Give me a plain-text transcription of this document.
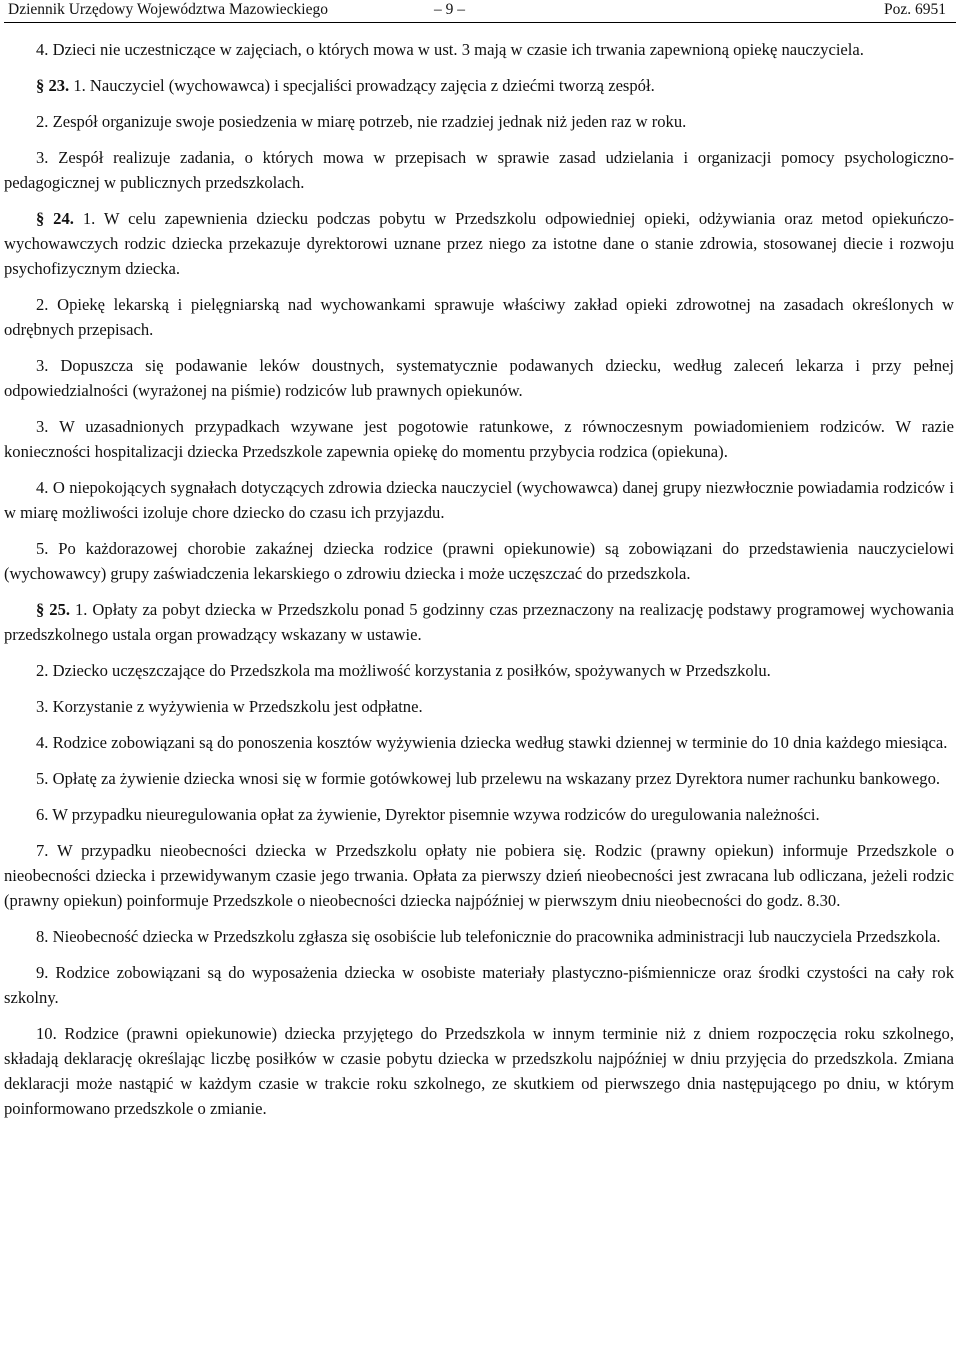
Dziennik Urzędowy Województwa Mazowieckiego	– 9 –	Poz. 6951

4. Dzieci nie uczestniczące w zajęciach, o których mowa w ust. 3 mają w czasie ich trwania zapewnioną opiekę nauczyciela.

§ 23. 1. Nauczyciel (wychowawca) i specjaliści prowadzący zajęcia z dziećmi tworzą zespół.

2. Zespół organizuje swoje posiedzenia w miarę potrzeb, nie rzadziej jednak niż jeden raz w roku.

3. Zespół realizuje zadania, o których mowa w przepisach w sprawie zasad udzielania i organizacji pomocy psychologiczno-pedagogicznej w publicznych przedszkolach.

§ 24. 1. W celu zapewnienia dziecku podczas pobytu w Przedszkolu odpowiedniej opieki, odżywiania oraz metod opiekuńczo-wychowawczych rodzic dziecka przekazuje dyrektorowi uznane przez niego za istotne dane o stanie zdrowia, stosowanej diecie i rozwoju psychofizycznym dziecka.

2. Opiekę lekarską i pielęgniarską nad wychowankami sprawuje właściwy zakład opieki zdrowotnej na zasadach określonych w odrębnych przepisach.

3. Dopuszcza się podawanie leków doustnych, systematycznie podawanych dziecku, według zaleceń lekarza i przy pełnej odpowiedzialności (wyrażonej na piśmie) rodziców lub prawnych opiekunów.

3. W uzasadnionych przypadkach wzywane jest pogotowie ratunkowe, z równoczesnym powiadomieniem rodziców. W razie konieczności hospitalizacji dziecka Przedszkole zapewnia opiekę do momentu przybycia rodzica (opiekuna).

4. O niepokojących sygnałach dotyczących zdrowia dziecka nauczyciel (wychowawca) danej grupy niezwłocznie powiadamia rodziców i w miarę możliwości izoluje chore dziecko do czasu ich przyjazdu.

5. Po każdorazowej chorobie zakaźnej dziecka rodzice (prawni opiekunowie) są zobowiązani do przedstawienia nauczycielowi (wychowawcy) grupy zaświadczenia lekarskiego o zdrowiu dziecka i może uczęszczać do przedszkola.

§ 25. 1. Opłaty za pobyt dziecka w Przedszkolu ponad 5 godzinny czas przeznaczony na realizację podstawy programowej wychowania przedszkolnego ustala organ prowadzący wskazany w ustawie.

2. Dziecko uczęszczające do Przedszkola ma możliwość korzystania z posiłków, spożywanych w Przedszkolu.

3. Korzystanie z wyżywienia w Przedszkolu jest odpłatne.

4. Rodzice zobowiązani są do ponoszenia kosztów wyżywienia dziecka według stawki dziennej w terminie do 10 dnia każdego miesiąca.

5. Opłatę za żywienie dziecka wnosi się w formie gotówkowej lub przelewu na wskazany przez Dyrektora numer rachunku bankowego.

6. W przypadku nieuregulowania opłat za żywienie, Dyrektor pisemnie wzywa rodziców do uregulowania należności.

7. W przypadku nieobecności dziecka w Przedszkolu opłaty nie pobiera się. Rodzic (prawny opiekun) informuje Przedszkole o nieobecności dziecka i przewidywanym czasie jego trwania. Opłata za pierwszy dzień nieobecności jest zwracana lub odliczana, jeżeli rodzic (prawny opiekun) poinformuje Przedszkole o nieobecności dziecka najpóźniej w pierwszym dniu nieobecności do godz. 8.30.

8. Nieobecność dziecka w Przedszkolu zgłasza się osobiście lub telefonicznie do pracownika administracji lub nauczyciela Przedszkola.

9. Rodzice zobowiązani są do wyposażenia dziecka w osobiste materiały plastyczno-piśmiennicze oraz środki czystości na cały rok szkolny.

10. Rodzice (prawni opiekunowie) dziecka przyjętego do Przedszkola w innym terminie niż z dniem rozpoczęcia roku szkolnego, składają deklarację określając liczbę posiłków w czasie pobytu dziecka w przedszkolu najpóźniej w dniu przyjęcia do przedszkola. Zmiana deklaracji może nastąpić w każdym czasie w trakcie roku szkolnego, ze skutkiem od pierwszego dnia następującego po dniu, w którym poinformowano przedszkole o zmianie.
